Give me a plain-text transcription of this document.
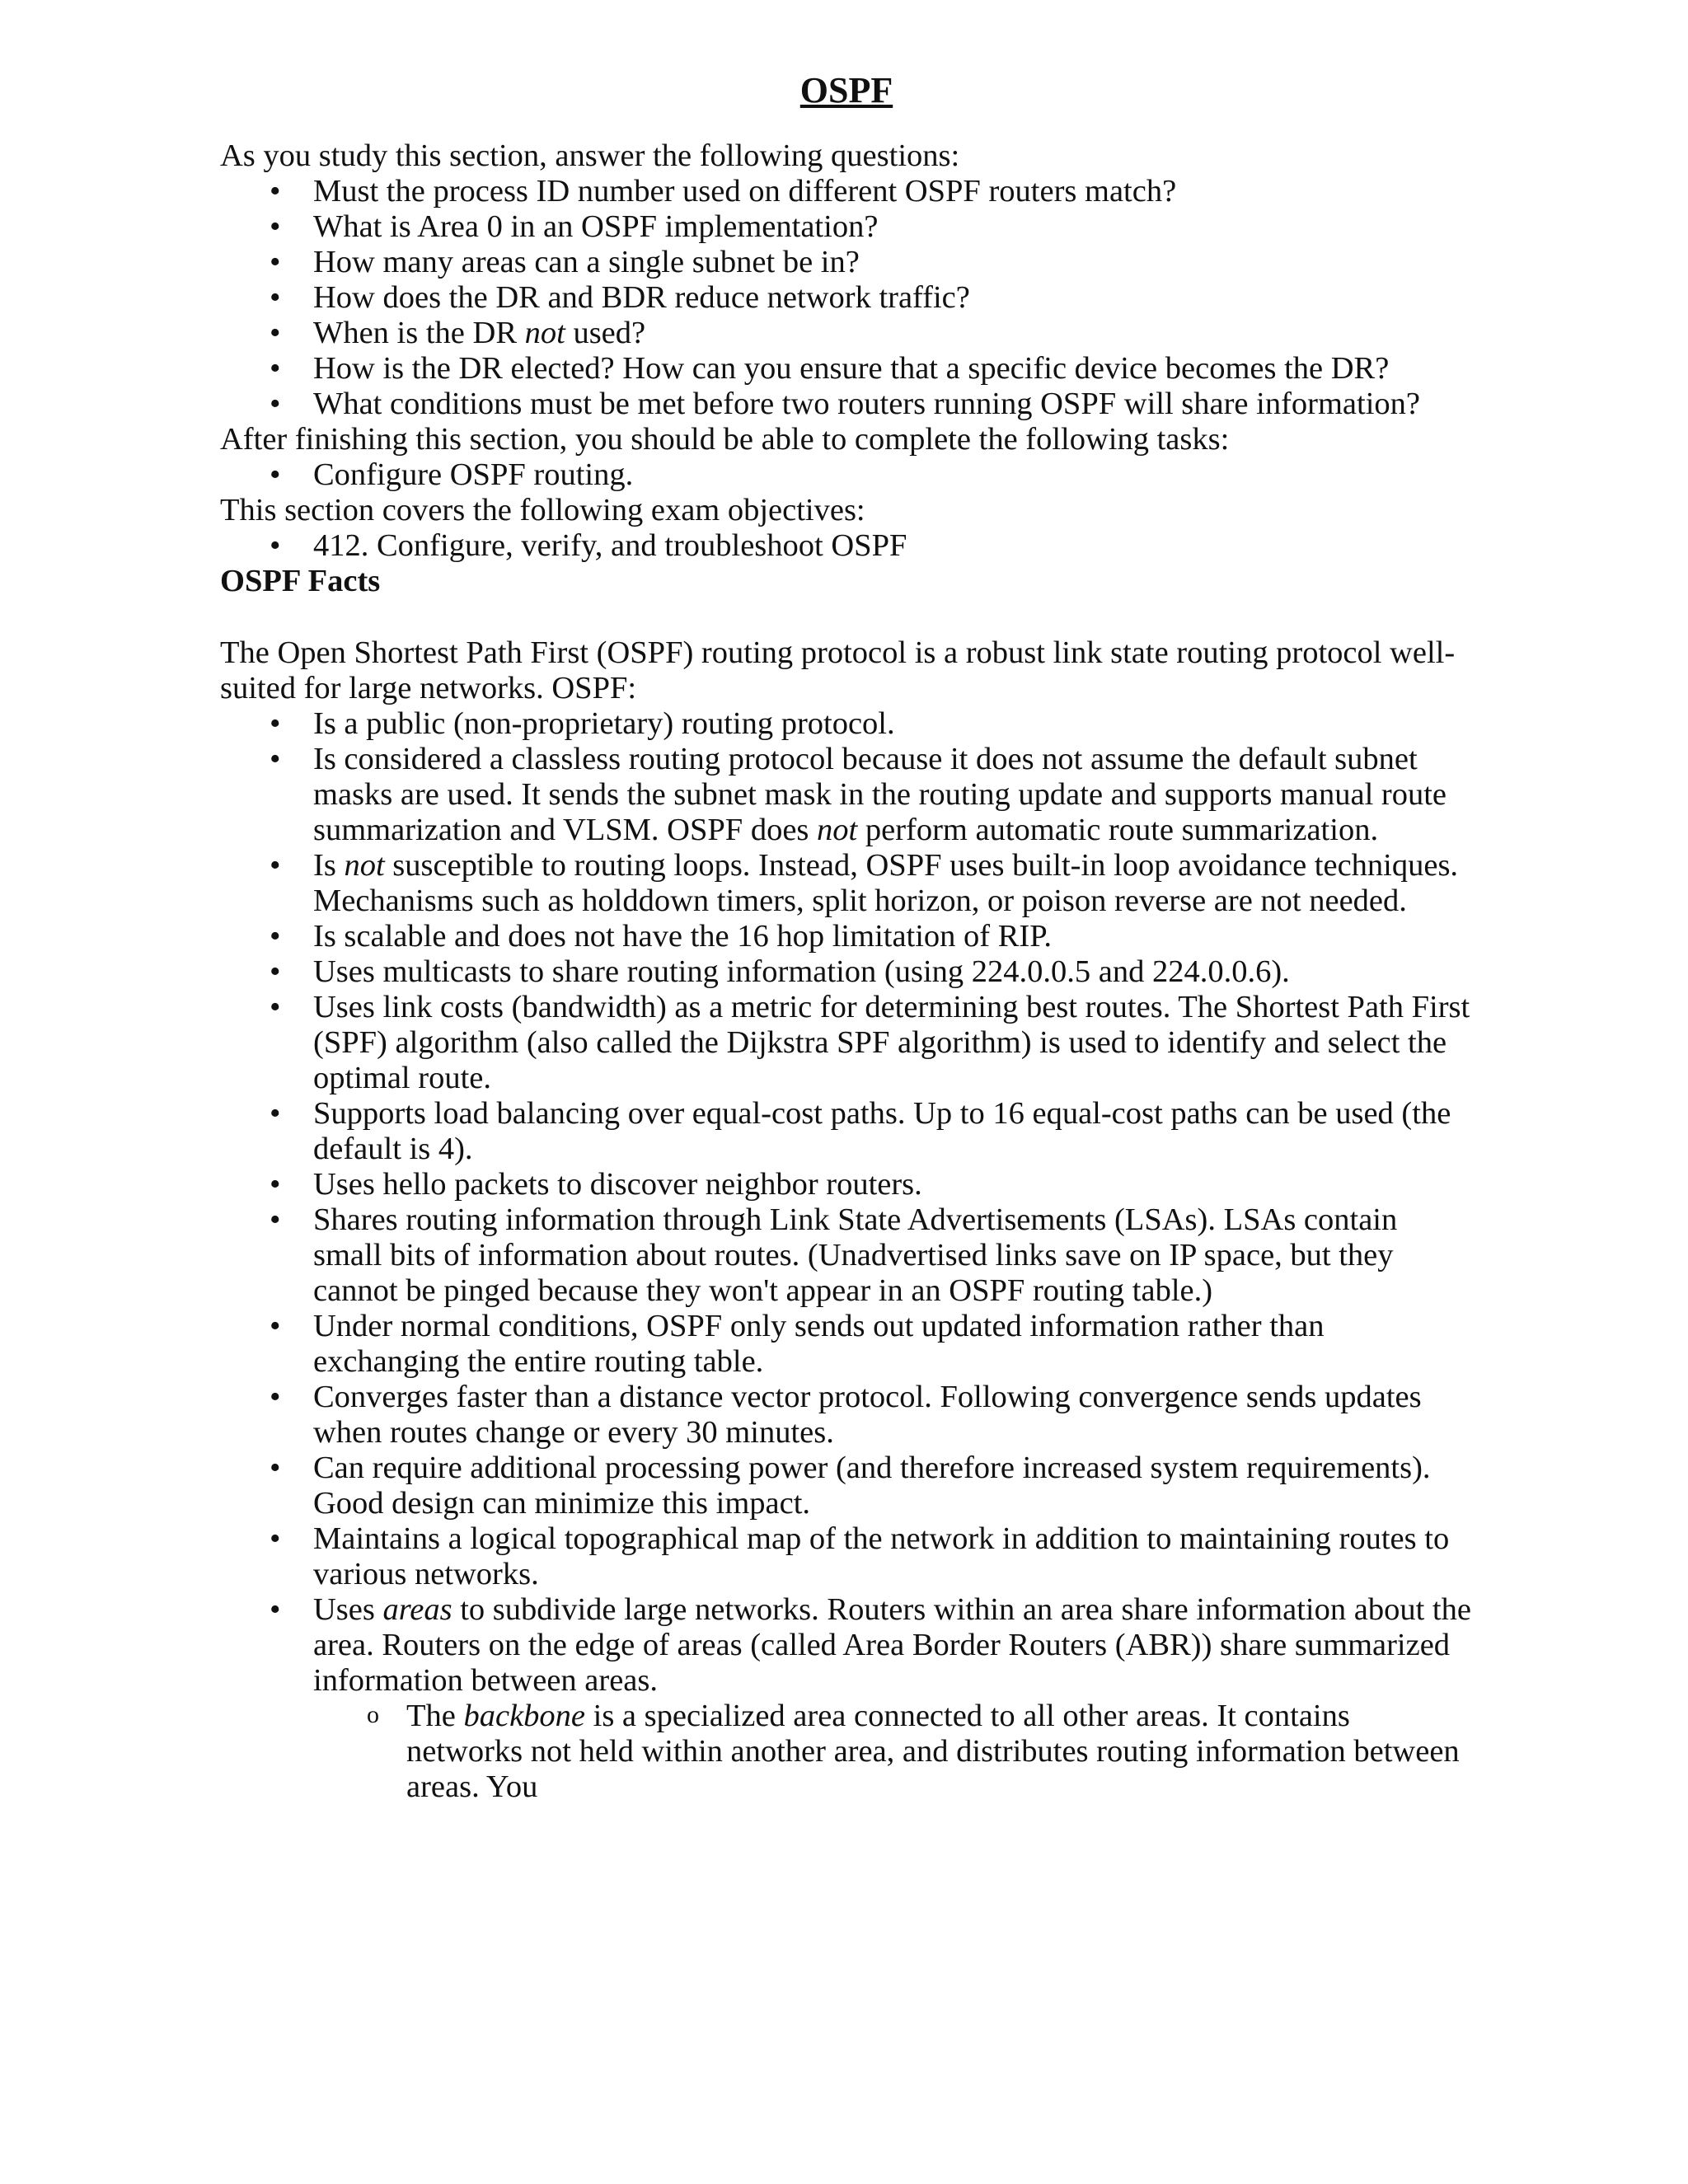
OSPF

As you study this section, answer the following questions:

• Must the process ID number used on different OSPF routers match?
• What is Area 0 in an OSPF implementation?
• How many areas can a single subnet be in?
• How does the DR and BDR reduce network traffic?
• When is the DR not used?
• How is the DR elected? How can you ensure that a specific device becomes the DR?
• What conditions must be met before two routers running OSPF will share information?

After finishing this section, you should be able to complete the following tasks:

• Configure OSPF routing.

This section covers the following exam objectives:

• 412. Configure, verify, and troubleshoot OSPF

OSPF Facts

The Open Shortest Path First (OSPF) routing protocol is a robust link state routing protocol well-suited for large networks. OSPF:

• Is a public (non-proprietary) routing protocol.
• Is considered a classless routing protocol because it does not assume the default subnet masks are used. It sends the subnet mask in the routing update and supports manual route summarization and VLSM. OSPF does not perform automatic route summarization.
• Is not susceptible to routing loops. Instead, OSPF uses built-in loop avoidance techniques. Mechanisms such as holddown timers, split horizon, or poison reverse are not needed.
• Is scalable and does not have the 16 hop limitation of RIP.
• Uses multicasts to share routing information (using 224.0.0.5 and 224.0.0.6).
• Uses link costs (bandwidth) as a metric for determining best routes. The Shortest Path First (SPF) algorithm (also called the Dijkstra SPF algorithm) is used to identify and select the optimal route.
• Supports load balancing over equal-cost paths. Up to 16 equal-cost paths can be used (the default is 4).
• Uses hello packets to discover neighbor routers.
• Shares routing information through Link State Advertisements (LSAs). LSAs contain small bits of information about routes. (Unadvertised links save on IP space, but they cannot be pinged because they won't appear in an OSPF routing table.)
• Under normal conditions, OSPF only sends out updated information rather than exchanging the entire routing table.
• Converges faster than a distance vector protocol. Following convergence sends updates when routes change or every 30 minutes.
• Can require additional processing power (and therefore increased system requirements). Good design can minimize this impact.
• Maintains a logical topographical map of the network in addition to maintaining routes to various networks.
• Uses areas to subdivide large networks. Routers within an area share information about the area. Routers on the edge of areas (called Area Border Routers (ABR)) share summarized information between areas.
o The backbone is a specialized area connected to all other areas. It contains networks not held within another area, and distributes routing information between areas. You
